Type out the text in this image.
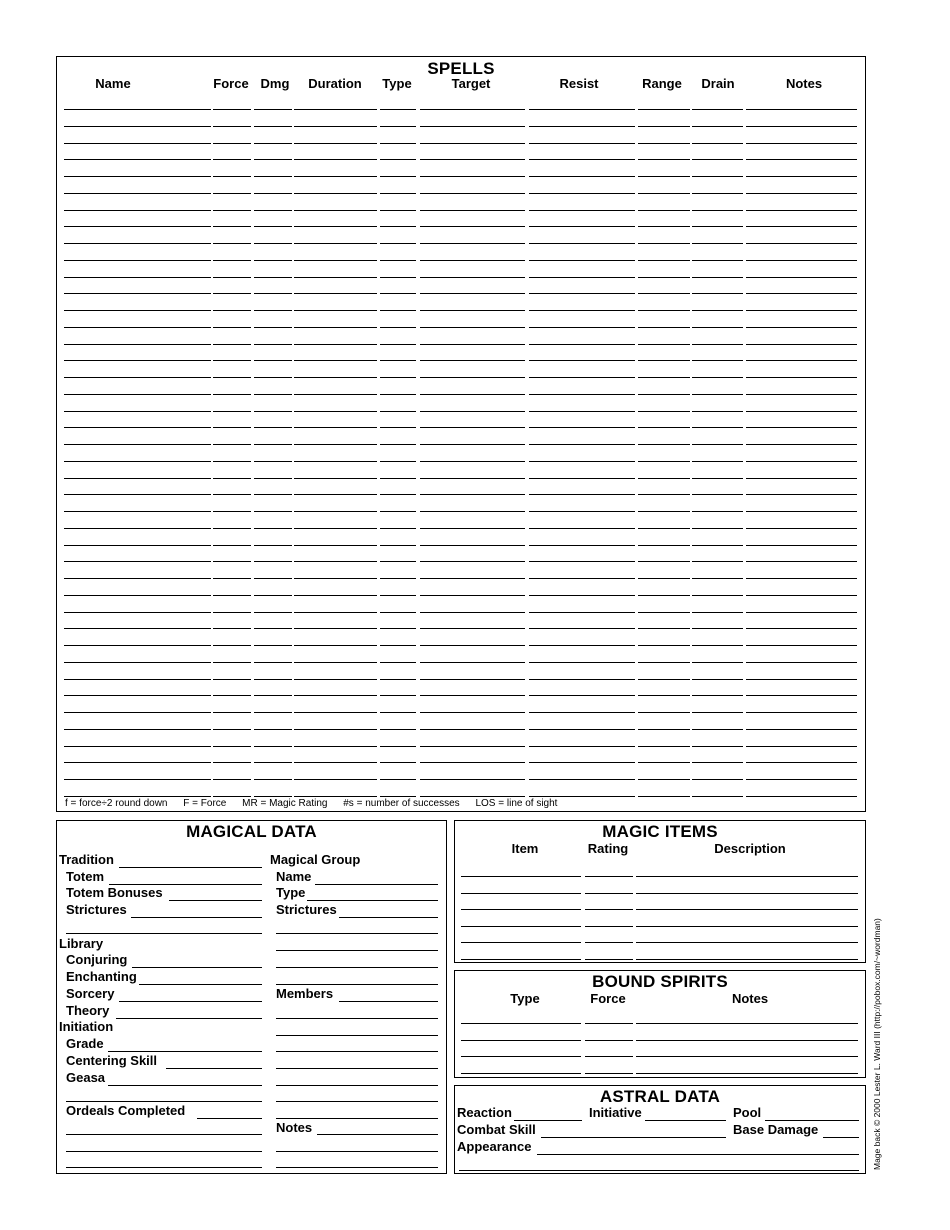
SPELLS
Name	Force Dmg	Duration	Type	Target	Resist	Range	Drain	Notes
f = force÷2 round down F = Force MR = Magic Rating #s = number of successes LOS = line of sight
MAGICAL DATA
Tradition
Totem
Totem Bonuses
Strictures
Library
Conjuring
Enchanting
Sorcery
Theory
Initiation
Grade
Centering Skill
Geasa
Ordeals Completed
Magical Group
Name
Type
Strictures
Members
Notes
MAGIC ITEMS
Item	Rating	Description
BOUND SPIRITS
Type	Force	Notes
ASTRAL DATA
Reaction	Initiative	Pool
Combat Skill	Base Damage
Appearance	Mage back © 2000 Lester L. Ward III (http://pobox.com/~wordman)
